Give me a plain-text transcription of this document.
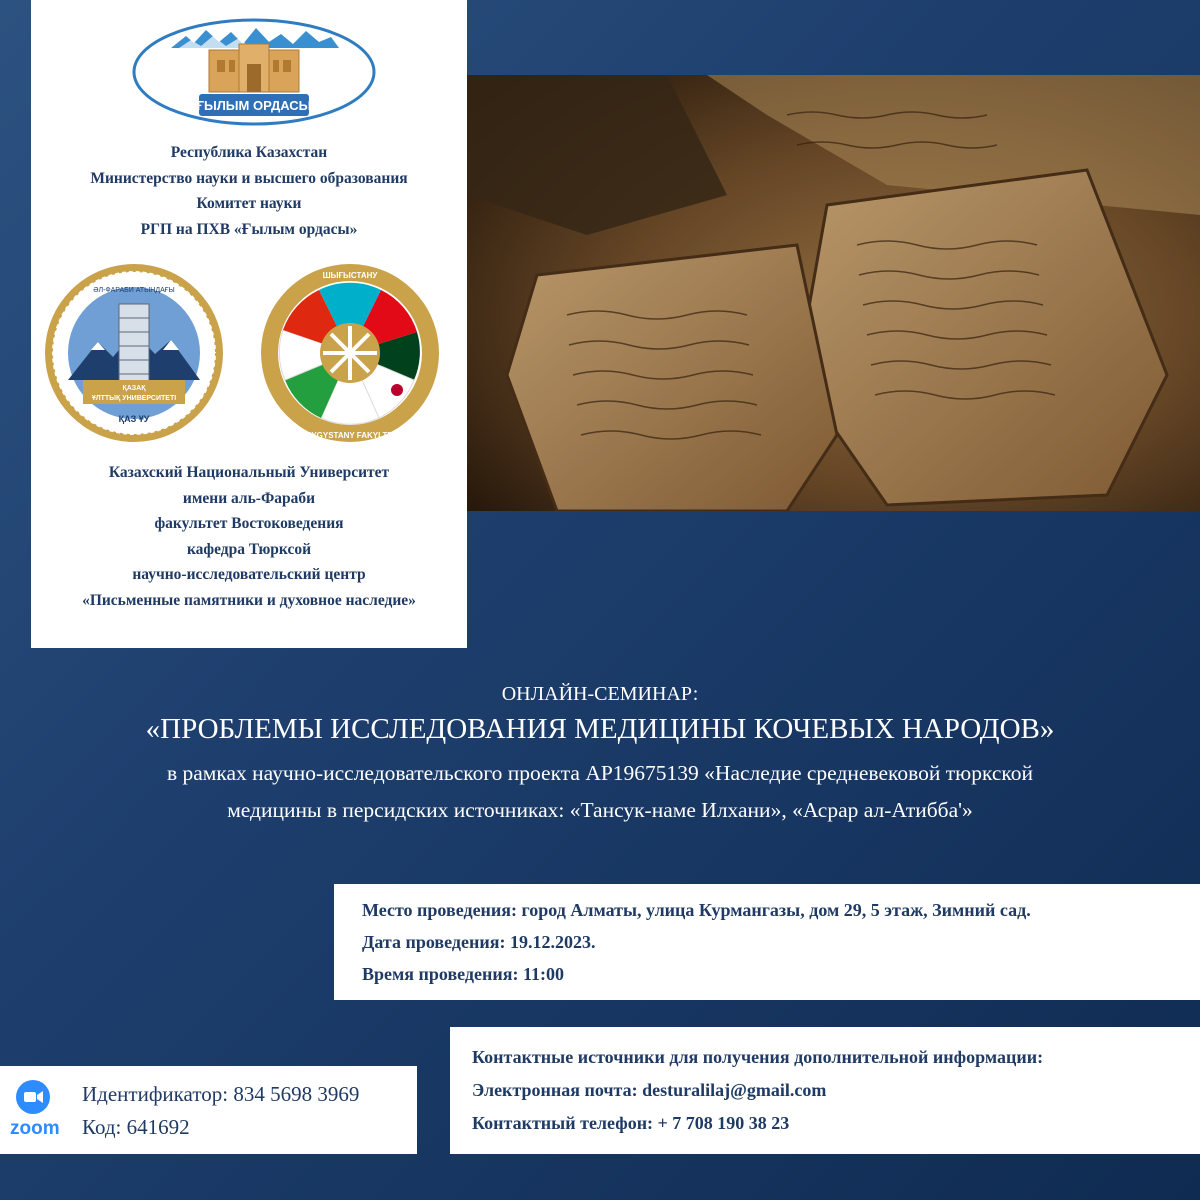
ҒЫЛЫМ ОРДАСЫ
Республика Казахстан
Министерство науки и высшего образования
Комитет науки
РГП на ПХВ «Ғылым ордасы»
ӘЛ-ФАРАБИ АТЫНДАҒЫ
ҚАЗАҚ
ҰЛТТЫҚ УНИВЕРСИТЕТІ
ҚАЗ ҰУ
ШЫҒЫСТАНУ
SHYGYSTANY FAKYLTETI
Казахский Национальный Университет
имени аль-Фараби
факультет Востоковедения
кафедра Тюрксой
научно-исследовательский центр
«Письменные памятники и духовное наследие»
ОНЛАЙН-СЕМИНАР:
«ПРОБЛЕМЫ ИССЛЕДОВАНИЯ МЕДИЦИНЫ КОЧЕВЫХ НАРОДОВ»
в рамках научно-исследовательского проекта AP19675139 «Наследие средневековой тюркской
медицины в персидских источниках: «Тансук-наме Илхани», «Асрар ал-Атибба'»
Место проведения: город Алматы, улица Курмангазы, дом 29, 5 этаж, Зимний сад.
Дата проведения: 19.12.2023.
Время проведения: 11:00
zoom
Идентификатор: 834 5698 3969
Код: 641692
Контактные источники для получения дополнительной информации:
Электронная почта: desturalilaj@gmail.com
Контактный телефон: + 7 708 190 38 23
